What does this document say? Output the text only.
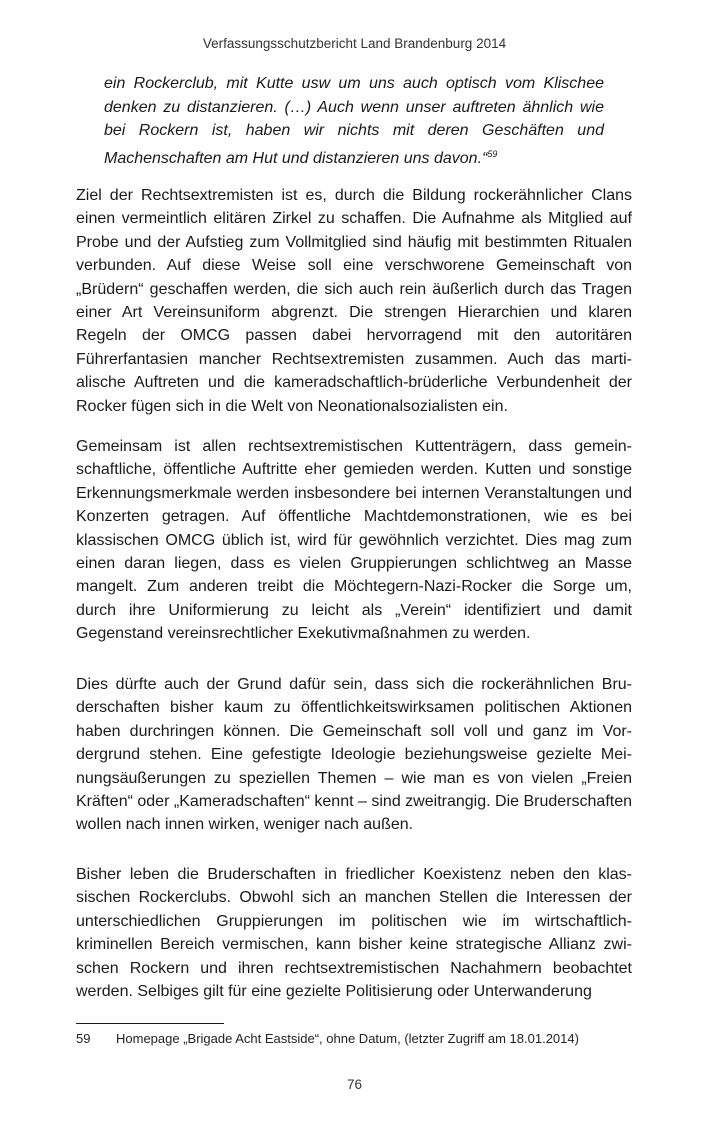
Verfassungsschutzbericht Land Brandenburg 2014

ein Rockerclub, mit Kutte usw um uns auch optisch vom Klischee denken zu distanzieren. (…) Auch wenn unser auftreten ähnlich wie bei Rockern ist, haben wir nichts mit deren Geschäften und Machenschaften am Hut und distanzieren uns davon.“$^{59}$

Ziel der Rechtsextremisten ist es, durch die Bildung rockerähnlicher Clans einen vermeintlich elitären Zirkel zu schaffen. Die Aufnahme als Mitglied auf Probe und der Aufstieg zum Vollmitglied sind häufig mit bestimmten Ritualen verbunden. Auf diese Weise soll eine verschworene Gemeinschaft von „Brüdern“ geschaffen werden, die sich auch rein äußerlich durch das Tragen einer Art Vereinsuniform abgrenzt. Die strengen Hierarchien und klaren Regeln der OMCG passen dabei hervorragend mit den autoritären Führerfantasien mancher Rechtsextremisten zusammen. Auch das martialische Auftreten und die kameradschaftlich-brüderliche Verbundenheit der Rocker fügen sich in die Welt von Neonationalsozialisten ein.

Gemeinsam ist allen rechtsextremistischen Kuttenträgern, dass gemeinschaftliche, öffentliche Auftritte eher gemieden werden. Kutten und sonstige Erkennungsmerkmale werden insbesondere bei internen Veranstaltungen und Konzerten getragen. Auf öffentliche Machtdemonstrationen, wie es bei klassischen OMCG üblich ist, wird für gewöhnlich verzichtet. Dies mag zum einen daran liegen, dass es vielen Gruppierungen schlichtweg an Masse mangelt. Zum anderen treibt die Möchtegern-Nazi-Rocker die Sorge um, durch ihre Uniformierung zu leicht als „Verein“ identifiziert und damit Gegenstand vereinsrechtlicher Exekutivmaßnahmen zu werden.

Dies dürfte auch der Grund dafür sein, dass sich die rockerähnlichen Bruderschaften bisher kaum zu öffentlichkeitswirksamen politischen Aktionen haben durchringen können. Die Gemeinschaft soll voll und ganz im Vordergrund stehen. Eine gefestigte Ideologie beziehungsweise gezielte Meinungsäußerungen zu speziellen Themen – wie man es von vielen „Freien Kräften“ oder „Kameradschaften“ kennt – sind zweitrangig. Die Bruderschaften wollen nach innen wirken, weniger nach außen.

Bisher leben die Bruderschaften in friedlicher Koexistenz neben den klassischen Rockerclubs. Obwohl sich an manchen Stellen die Interessen der unterschiedlichen Gruppierungen im politischen wie im wirtschaftlich-kriminellen Bereich vermischen, kann bisher keine strategische Allianz zwischen Rockern und ihren rechtsextremistischen Nachahmern beobachtet werden. Selbiges gilt für eine gezielte Politisierung oder Unterwanderung

59 Homepage „Brigade Acht Eastside“, ohne Datum, (letzter Zugriff am 18.01.2014)
76
